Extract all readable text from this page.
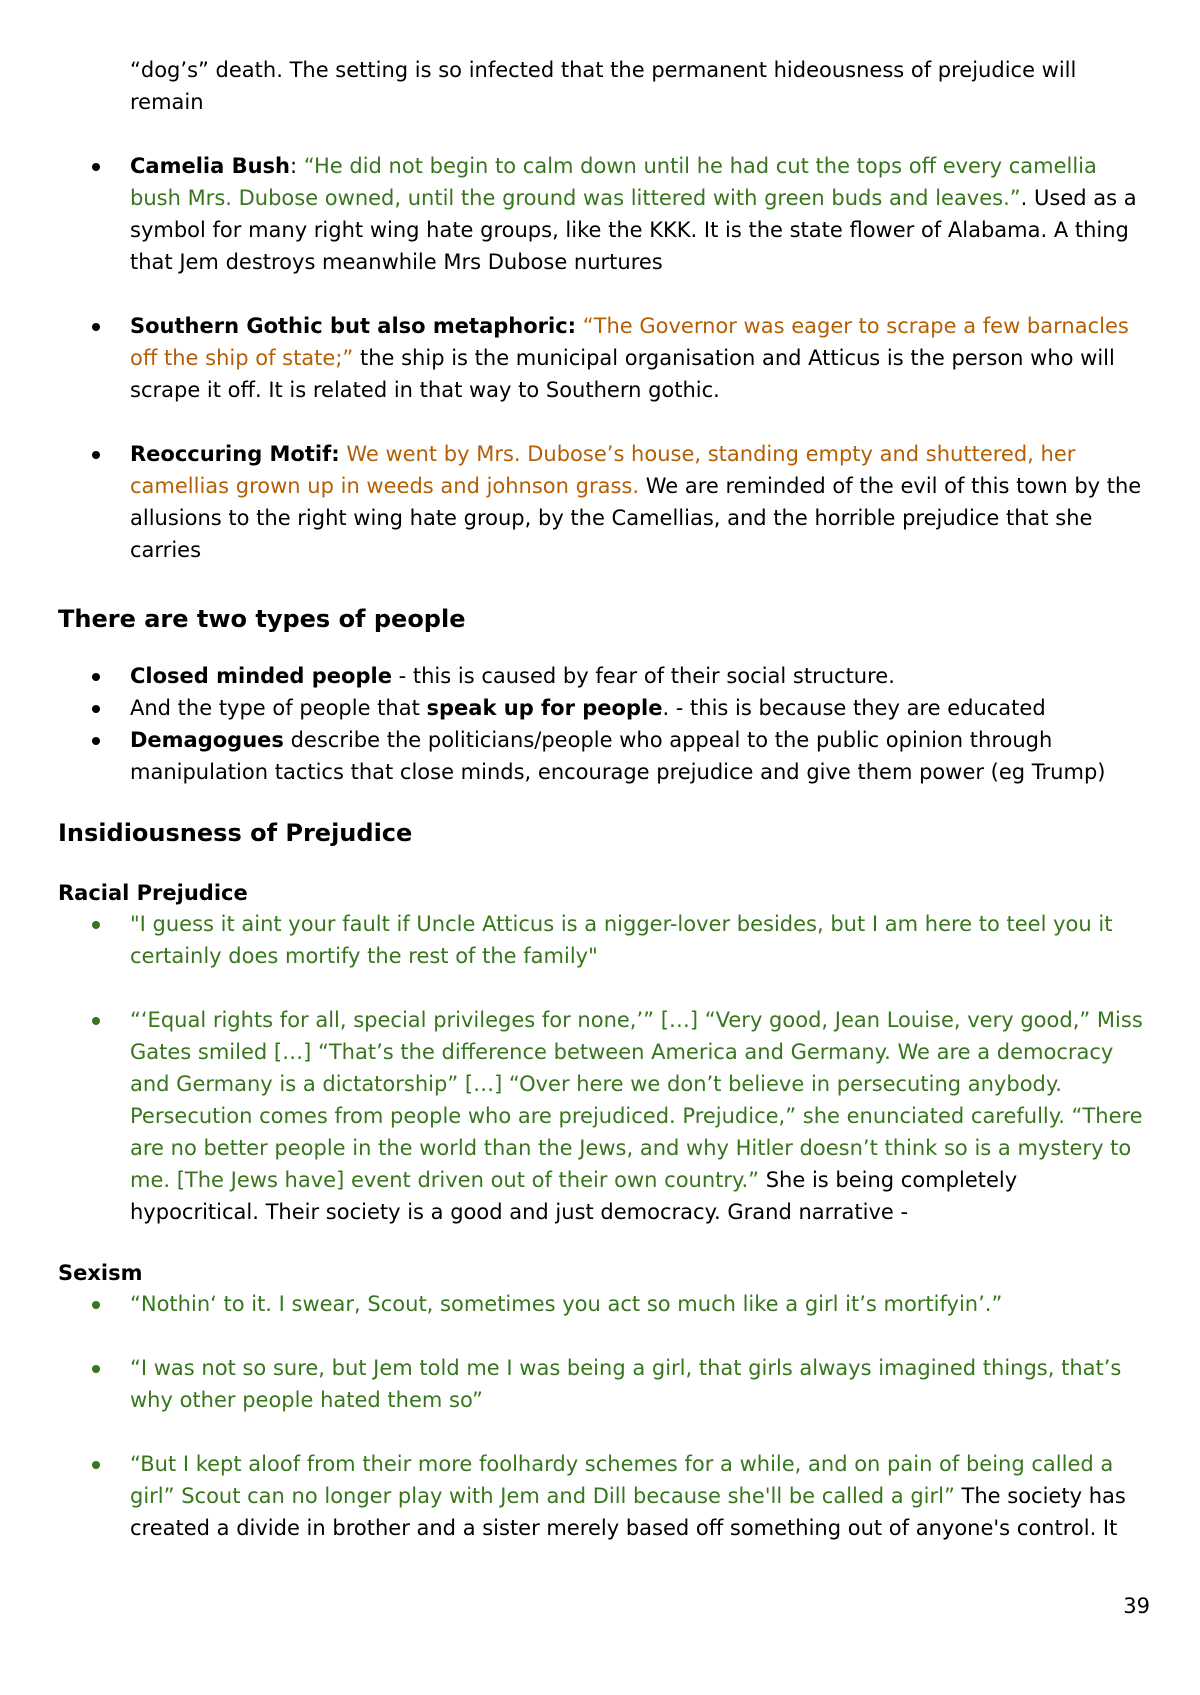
“dog’s” death. The setting is so infected that the permanent hideousness of prejudice will remain

Camelia Bush: “He did not begin to calm down until he had cut the tops off every camellia bush Mrs. Dubose owned, until the ground was littered with green buds and leaves.”. Used as a symbol for many right wing hate groups, like the KKK. It is the state flower of Alabama. A thing that Jem destroys meanwhile Mrs Dubose nurtures
Southern Gothic but also metaphoric: “The Governor was eager to scrape a few barnacles off the ship of state;” the ship is the municipal organisation and Atticus is the person who will scrape it off. It is related in that way to Southern gothic.
Reoccuring Motif: We went by Mrs. Dubose’s house, standing empty and shuttered, her camellias grown up in weeds and johnson grass. We are reminded of the evil of this town by the allusions to the right wing hate group, by the Camellias, and the horrible prejudice that she carries
There are two types of people
Closed minded people - this is caused by fear of their social structure.
And the type of people that speak up for people. - this is because they are educated
Demagogues describe the politicians/people who appeal to the public opinion through manipulation tactics that close minds, encourage prejudice and give them power (eg Trump)
Insidiousness of Prejudice
Racial Prejudice
"I guess it aint your fault if Uncle Atticus is a nigger-lover besides, but I am here to teel you it certainly does mortify the rest of the family"
“‘Equal rights for all, special privileges for none,’” […] “Very good, Jean Louise, very good,” Miss Gates smiled […] “That’s the difference between America and Germany. We are a democracy and Germany is a dictatorship” […] “Over here we don’t believe in persecuting anybody. Persecution comes from people who are prejudiced. Prejudice,” she enunciated carefully. “There are no better people in the world than the Jews, and why Hitler doesn’t think so is a mystery to me. [The Jews have] event driven out of their own country.” She is being completely hypocritical. Their society is a good and just democracy. Grand narrative -
Sexism
“Nothin‘ to it. I swear, Scout, sometimes you act so much like a girl it’s mortifyin’.”
“I was not so sure, but Jem told me I was being a girl, that girls always imagined things, that’s why other people hated them so”
“But I kept aloof from their more foolhardy schemes for a while, and on pain of being called a girl” Scout can no longer play with Jem and Dill because she'll be called a girl” The society has created a divide in brother and a sister merely based off something out of anyone's control. It
39
